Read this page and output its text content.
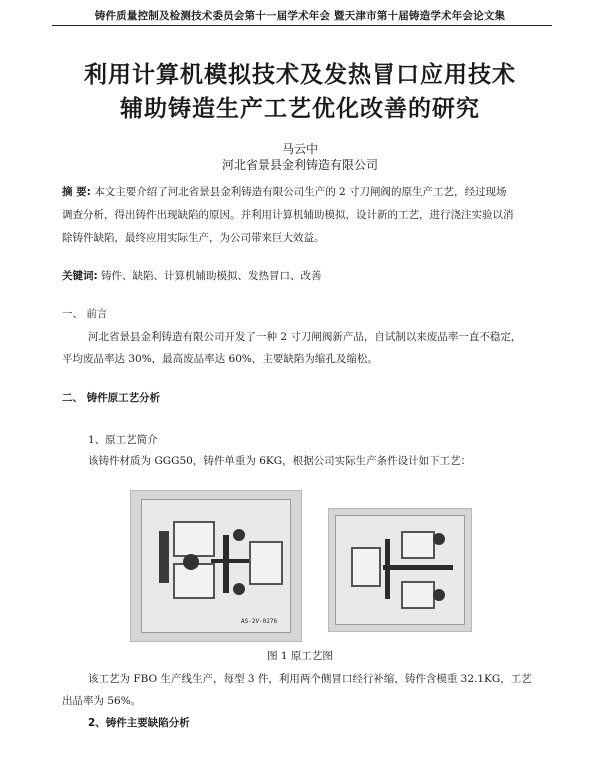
铸件质量控制及检测技术委员会第十一届学术年会 暨天津市第十届铸造学术年会论文集
利用计算机模拟技术及发热冒口应用技术
辅助铸造生产工艺优化改善的研究
马云中
河北省景县金利铸造有限公司
摘 要: 本文主要介绍了河北省景县金利铸造有限公司生产的 2 寸刀闸阀的原生产工艺，经过现场
调查分析，得出铸件出现缺陷的原因。并利用计算机辅助模拟，设计新的工艺，进行浇注实验以消
除铸件缺陷，最终应用实际生产，为公司带来巨大效益。
关键词: 铸件、缺陷、计算机辅助模拟、发热冒口、改善
一、 前言
河北省景县金利铸造有限公司开发了一种 2 寸刀闸阀新产品，自试制以来废品率一直不稳定，
平均废品率达 30%，最高废品率达 60%，主要缺陷为缩孔及缩松。
二、 铸件原工艺分析
1、原工艺简介
该铸件材质为 GGG50，铸件单重为 6KG，根据公司实际生产条件设计如下工艺：
AS-2V-0276
图 1 原工艺图
该工艺为 FBO 生产线生产，每型 3 件，利用两个侧冒口经行补缩，铸件含模重 32.1KG，工艺
出品率为 56%。
2、铸件主要缺陷分析
